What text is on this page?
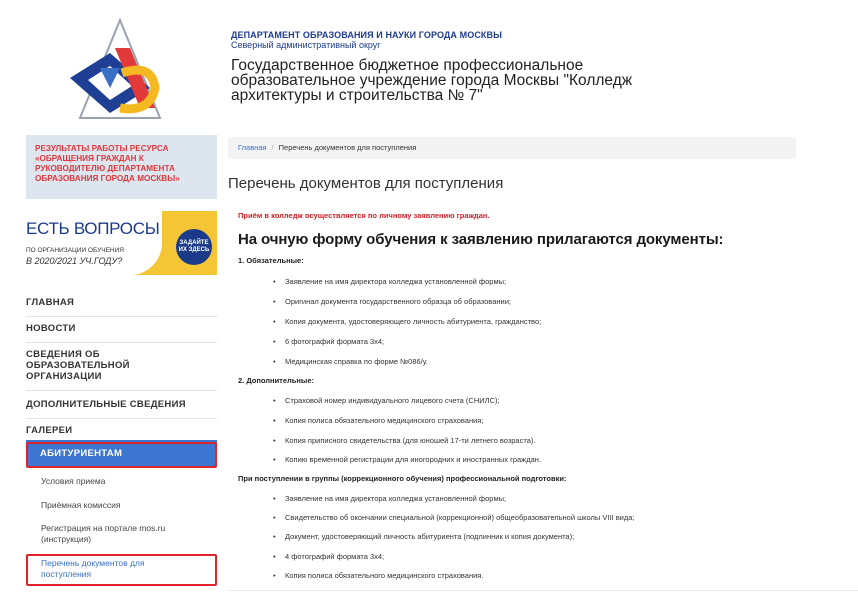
ДЕПАРТАМЕНТ ОБРАЗОВАНИЯ И НАУКИ ГОРОДА МОСКВЫ
Северный административный округ
Государственное бюджетное профессиональное образовательное учреждение города Москвы "Колледж архитектуры и строительства № 7"
РЕЗУЛЬТАТЫ РАБОТЫ РЕСУРСА «ОБРАЩЕНИЯ ГРАЖДАН К РУКОВОДИТЕЛЮ ДЕПАРТАМЕНТА ОБРАЗОВАНИЯ ГОРОДА МОСКВЫ»
ЕСТЬ ВОПРОСЫ
ПО ОРГАНИЗАЦИИ ОБУЧЕНИЯ
В 2020/2021 УЧ.ГОДУ?
ЗАДАЙТЕ ИХ ЗДЕСЬ
ГЛАВНАЯ
НОВОСТИ
СВЕДЕНИЯ ОБ ОБРАЗОВАТЕЛЬНОЙ ОРГАНИЗАЦИИ
ДОПОЛНИТЕЛЬНЫЕ СВЕДЕНИЯ
ГАЛЕРЕИ
АБИТУРИЕНТАМ
Условия приема
Приёмная комиссия
Регистрация на портале mos.ru (инструкция)
Перечень документов для поступления
Главная / Перечень документов для поступления
Перечень документов для поступления
Приём в колледж осуществляется по личному заявлению граждан.
На очную форму обучения к заявлению прилагаются документы:
1. Обязательные:
• Заявление на имя директора колледжа установленной формы;
• Оригинал документа государственного образца об образовании;
• Копия документа, удостоверяющего личность абитуриента, гражданство;
• 6 фотографий формата 3х4;
• Медицинская справка по форме №086/у.
2. Дополнительные:
• Страховой номер индивидуального лицевого счета (СНИЛС);
• Копия полиса обязательного медицинского страхования;
• Копия приписного свидетельства (для юношей 17-ти летнего возраста).
• Копию временной регистрации для иногородних и иностранных граждан.
При поступлении в группы (коррекционного обучения) профессиональной подготовки:
• Заявление на имя директора колледжа установленной формы;
• Свидетельство об окончании специальной (коррекционной) общеобразовательной школы VIII вида;
• Документ, удостоверяющий личность абитуриента (подлинник и копия документа);
• 4 фотографий формата 3х4;
• Копия полиса обязательного медицинского страхования.
